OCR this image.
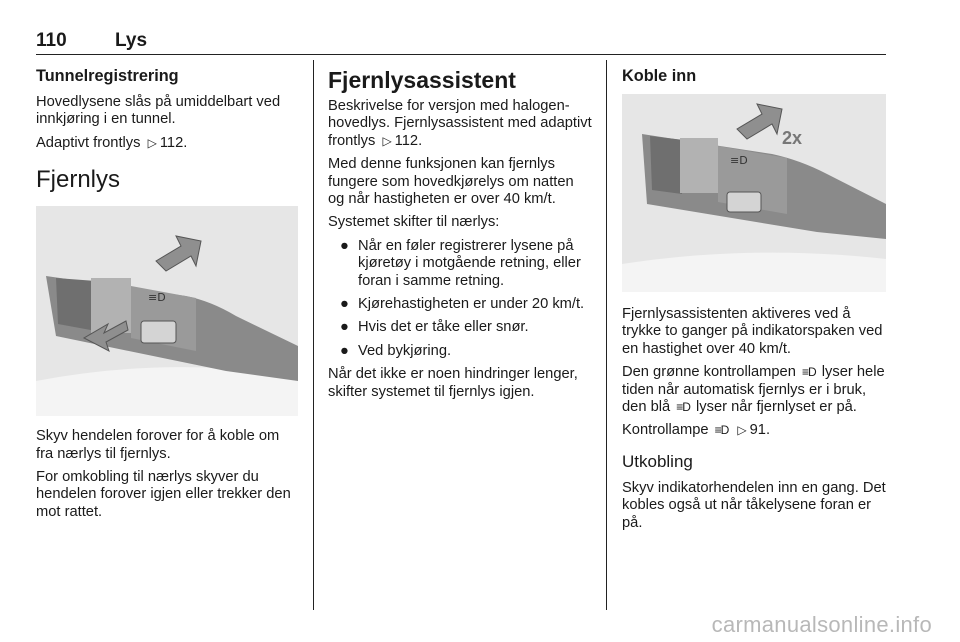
110	Lys
Tunnelregistrering

Hovedlysene slås på umiddelbart ved innkjøring i en tunnel.

Adaptivt frontlys ▷ 112.

Fjernlys
≡D

Skyv hendelen forover for å koble om fra nærlys til fjernlys.

For omkobling til nærlys skyver du hendelen forover igjen eller trekker den mot rattet.

Fjernlysassistent

Beskrivelse for versjon med halogen-hovedlys. Fjernlysassistent med adaptivt frontlys ▷ 112.

Med denne funksjonen kan fjernlys fungere som hovedkjørelys om natten og når hastigheten er over 40 km/t.

Systemet skifter til nærlys:

● Når en føler registrerer lysene på kjøretøy i motgående retning, eller foran i samme retning.
● Kjørehastigheten er under 20 km/t.
● Hvis det er tåke eller snør.
● Ved bykjøring.

Når det ikke er noen hindringer lenger, skifter systemet til fjernlys igjen.

Koble inn
≡D
2x

Fjernlysassistenten aktiveres ved å trykke to ganger på indikatorspaken ved en hastighet over 40 km/t.

Den grønne kontrollampen ≡D lyser hele tiden når automatisk fjernlys er i bruk, den blå ≡D lyser når fjernlyset er på.

Kontrollampe ≡D ▷ 91.

Utkobling

Skyv indikatorhendelen inn en gang. Det kobles også ut når tåkelysene foran er på.

carmanualsonline.info
